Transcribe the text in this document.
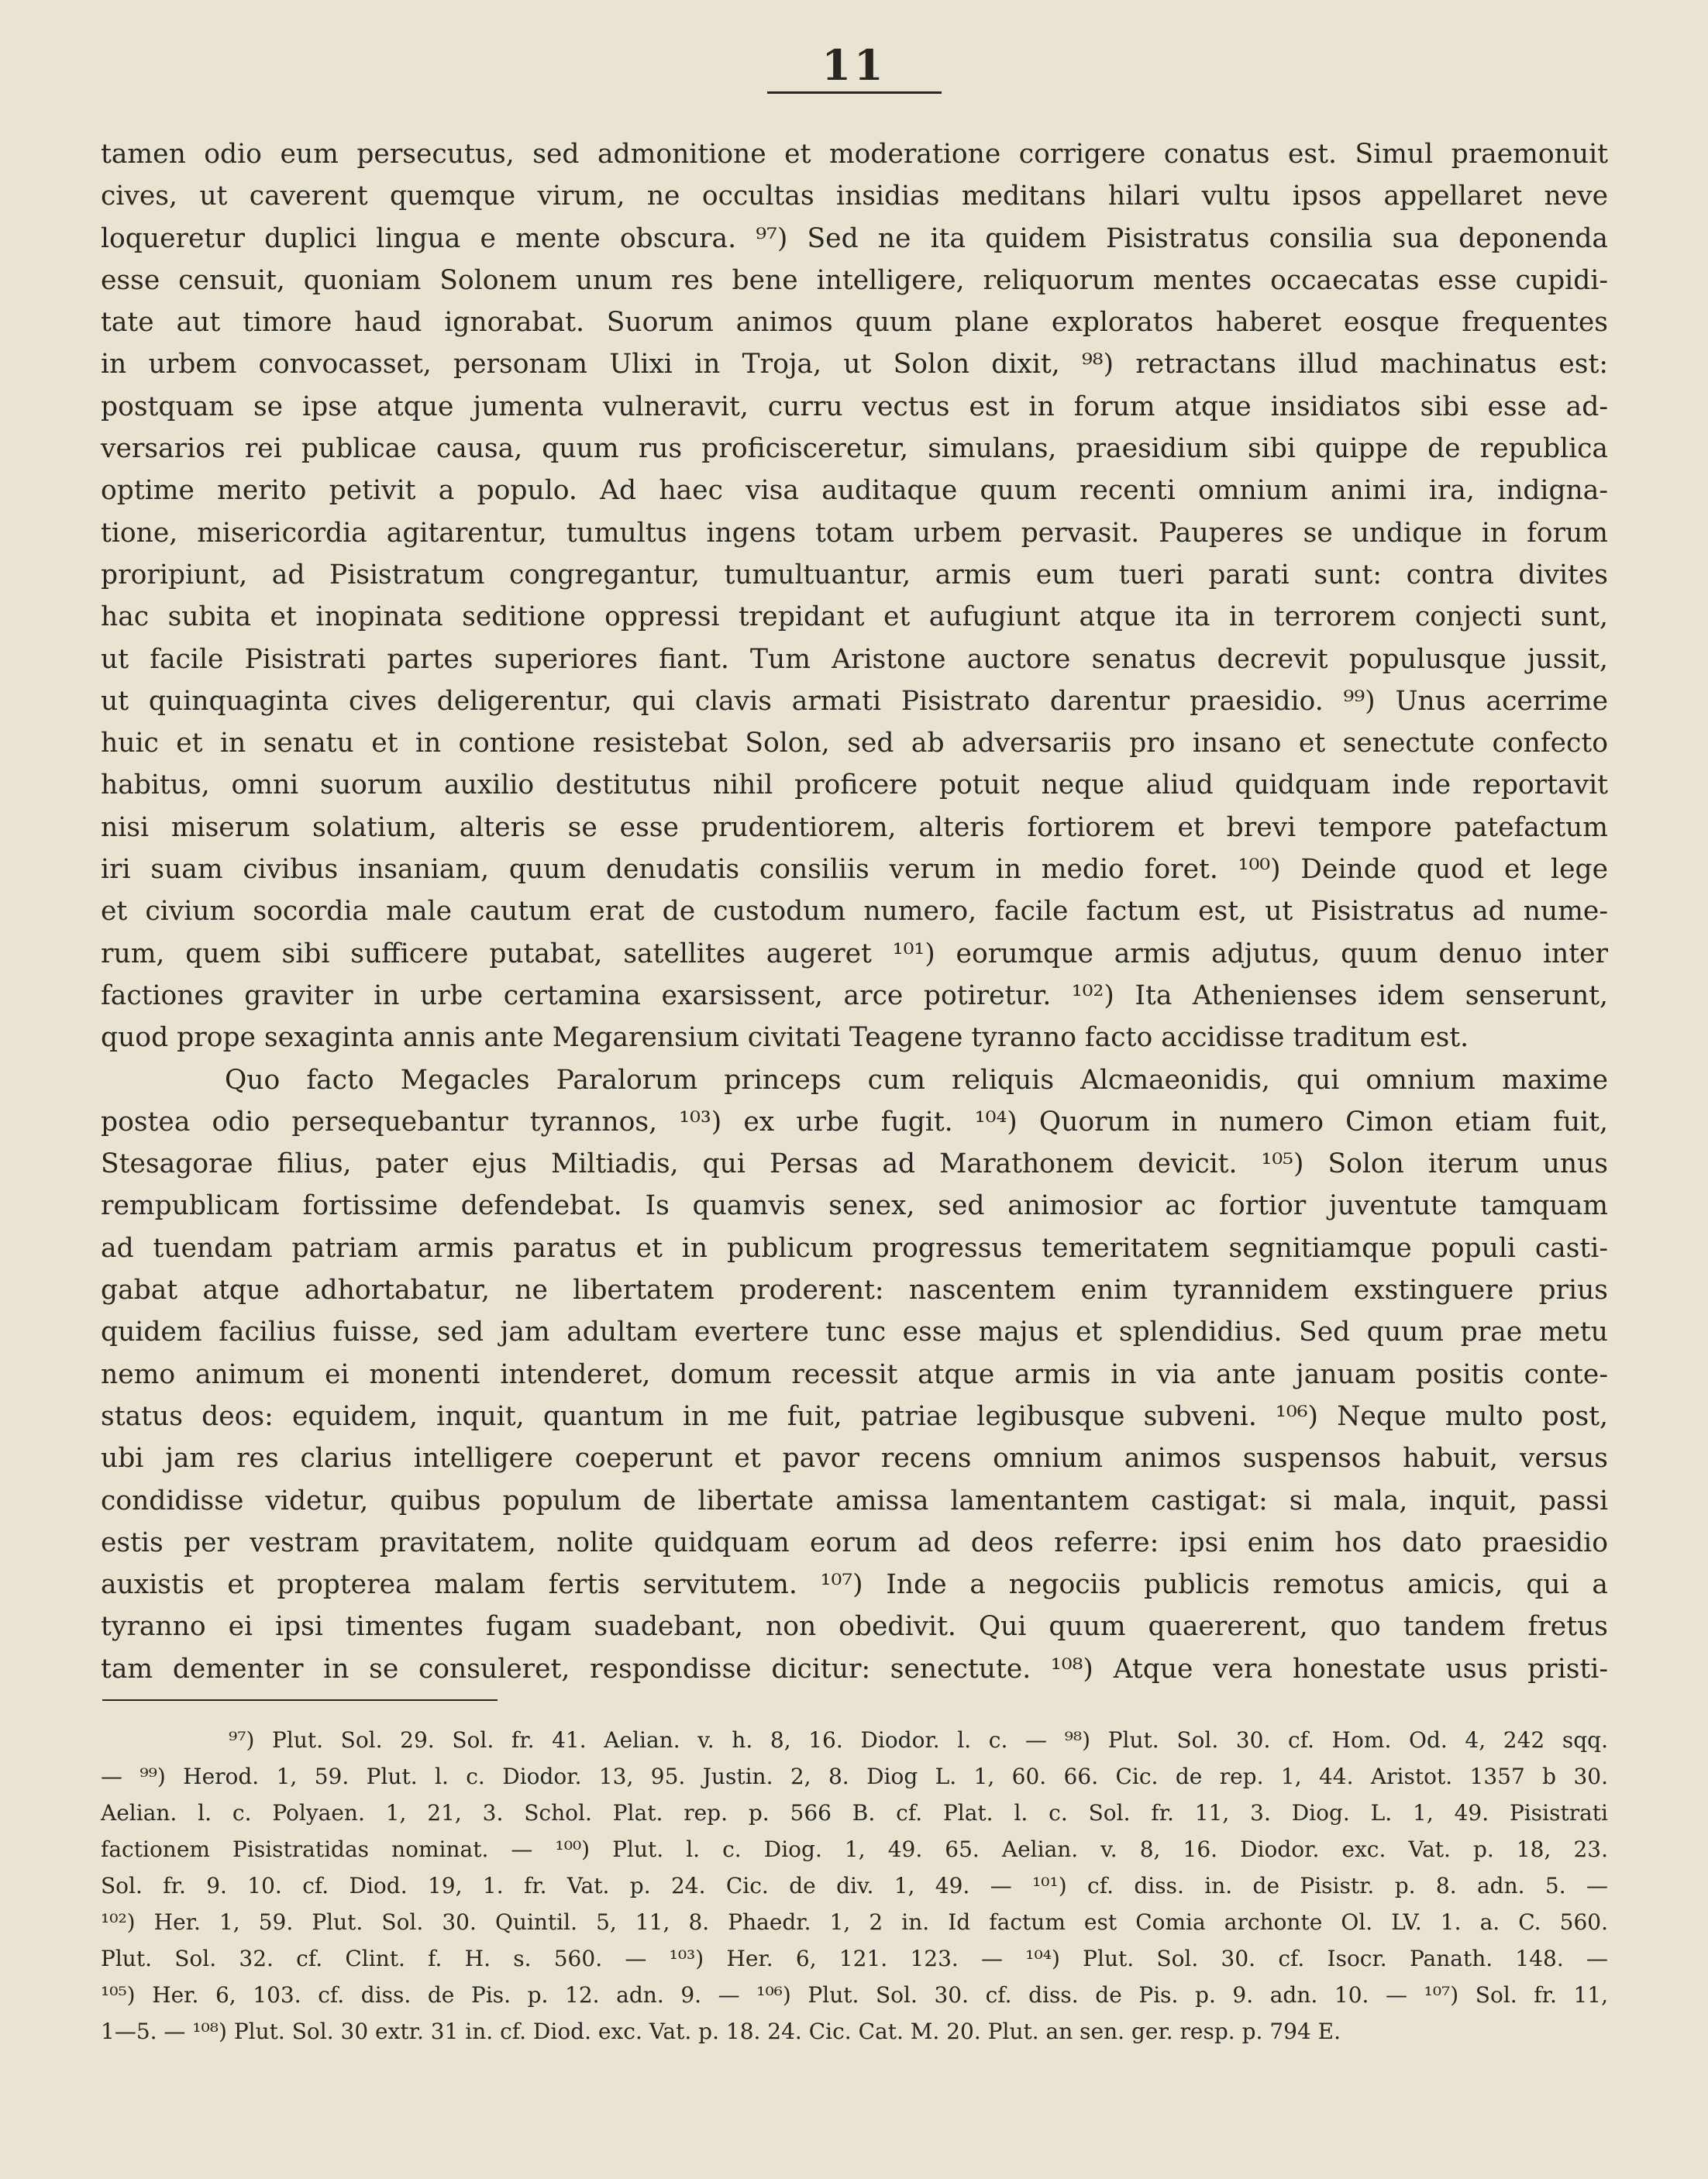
11
tamen odio eum persecutus, sed admonitione et moderatione corrigere conatus est. Simul praemonuit
cives, ut caverent quemque virum, ne occultas insidias meditans hilari vultu ipsos appellaret neve
loqueretur duplici lingua e mente obscura. ⁹⁷) Sed ne ita quidem Pisistratus consilia sua deponenda
esse censuit, quoniam Solonem unum res bene intelligere, reliquorum mentes occaecatas esse cupidi-
tate aut timore haud ignorabat. Suorum animos quum plane exploratos haberet eosque frequentes
in urbem convocasset, personam Ulixi in Troja, ut Solon dixit, ⁹⁸) retractans illud machinatus est:
postquam se ipse atque jumenta vulneravit, curru vectus est in forum atque insidiatos sibi esse ad-
versarios rei publicae causa, quum rus proficisceretur, simulans, praesidium sibi quippe de republica
optime merito petivit a populo. Ad haec visa auditaque quum recenti omnium animi ira, indigna-
tione, misericordia agitarentur, tumultus ingens totam urbem pervasit. Pauperes se undique in forum
proripiunt, ad Pisistratum congregantur, tumultuantur, armis eum tueri parati sunt: contra divites
hac subita et inopinata seditione oppressi trepidant et aufugiunt atque ita in terrorem conjecti sunt,
ut facile Pisistrati partes superiores fiant. Tum Aristone auctore senatus decrevit populusque jussit,
ut quinquaginta cives deligerentur, qui clavis armati Pisistrato darentur praesidio. ⁹⁹) Unus acerrime
huic et in senatu et in contione resistebat Solon, sed ab adversariis pro insano et senectute confecto
habitus, omni suorum auxilio destitutus nihil proficere potuit neque aliud quidquam inde reportavit
nisi miserum solatium, alteris se esse prudentiorem, alteris fortiorem et brevi tempore patefactum
iri suam civibus insaniam, quum denudatis consiliis verum in medio foret. ¹⁰⁰) Deinde quod et lege
et civium socordia male cautum erat de custodum numero, facile factum est, ut Pisistratus ad nume-
rum, quem sibi sufficere putabat, satellites augeret ¹⁰¹) eorumque armis adjutus, quum denuo inter
factiones graviter in urbe certamina exarsissent, arce potiretur. ¹⁰²) Ita Athenienses idem senserunt,
quod prope sexaginta annis ante Megarensium civitati Teagene tyranno facto accidisse traditum est.
Quo facto Megacles Paralorum princeps cum reliquis Alcmaeonidis, qui omnium maxime
postea odio persequebantur tyrannos, ¹⁰³) ex urbe fugit. ¹⁰⁴) Quorum in numero Cimon etiam fuit,
Stesagorae filius, pater ejus Miltiadis, qui Persas ad Marathonem devicit. ¹⁰⁵) Solon iterum unus
rempublicam fortissime defendebat. Is quamvis senex, sed animosior ac fortior juventute tamquam
ad tuendam patriam armis paratus et in publicum progressus temeritatem segnitiamque populi casti-
gabat atque adhortabatur, ne libertatem proderent: nascentem enim tyrannidem exstinguere prius
quidem facilius fuisse, sed jam adultam evertere tunc esse majus et splendidius. Sed quum prae metu
nemo animum ei monenti intenderet, domum recessit atque armis in via ante januam positis conte-
status deos: equidem, inquit, quantum in me fuit, patriae legibusque subveni. ¹⁰⁶) Neque multo post,
ubi jam res clarius intelligere coeperunt et pavor recens omnium animos suspensos habuit, versus
condidisse videtur, quibus populum de libertate amissa lamentantem castigat: si mala, inquit, passi
estis per vestram pravitatem, nolite quidquam eorum ad deos referre: ipsi enim hos dato praesidio
auxistis et propterea malam fertis servitutem. ¹⁰⁷) Inde a negociis publicis remotus amicis, qui a
tyranno ei ipsi timentes fugam suadebant, non obedivit. Qui quum quaererent, quo tandem fretus
tam dementer in se consuleret, respondisse dicitur: senectute. ¹⁰⁸) Atque vera honestate usus pristi-
⁹⁷) Plut. Sol. 29. Sol. fr. 41. Aelian. v. h. 8, 16. Diodor. l. c. — ⁹⁸) Plut. Sol. 30. cf. Hom. Od. 4, 242 sqq.
— ⁹⁹) Herod. 1, 59. Plut. l. c. Diodor. 13, 95. Justin. 2, 8. Diog L. 1, 60. 66. Cic. de rep. 1, 44. Aristot. 1357 b 30.
Aelian. l. c. Polyaen. 1, 21, 3. Schol. Plat. rep. p. 566 B. cf. Plat. l. c. Sol. fr. 11, 3. Diog. L. 1, 49. Pisistrati
factionem Pisistratidas nominat. — ¹⁰⁰) Plut. l. c. Diog. 1, 49. 65. Aelian. v. 8, 16. Diodor. exc. Vat. p. 18, 23.
Sol. fr. 9. 10. cf. Diod. 19, 1. fr. Vat. p. 24. Cic. de div. 1, 49. — ¹⁰¹) cf. diss. in. de Pisistr. p. 8. adn. 5. —
¹⁰²) Her. 1, 59. Plut. Sol. 30. Quintil. 5, 11, 8. Phaedr. 1, 2 in. Id factum est Comia archonte Ol. LV. 1. a. C. 560.
Plut. Sol. 32. cf. Clint. f. H. s. 560. — ¹⁰³) Her. 6, 121. 123. — ¹⁰⁴) Plut. Sol. 30. cf. Isocr. Panath. 148. —
¹⁰⁵) Her. 6, 103. cf. diss. de Pis. p. 12. adn. 9. — ¹⁰⁶) Plut. Sol. 30. cf. diss. de Pis. p. 9. adn. 10. — ¹⁰⁷) Sol. fr. 11,
1—5. — ¹⁰⁸) Plut. Sol. 30 extr. 31 in. cf. Diod. exc. Vat. p. 18. 24. Cic. Cat. M. 20. Plut. an sen. ger. resp. p. 794 E.
